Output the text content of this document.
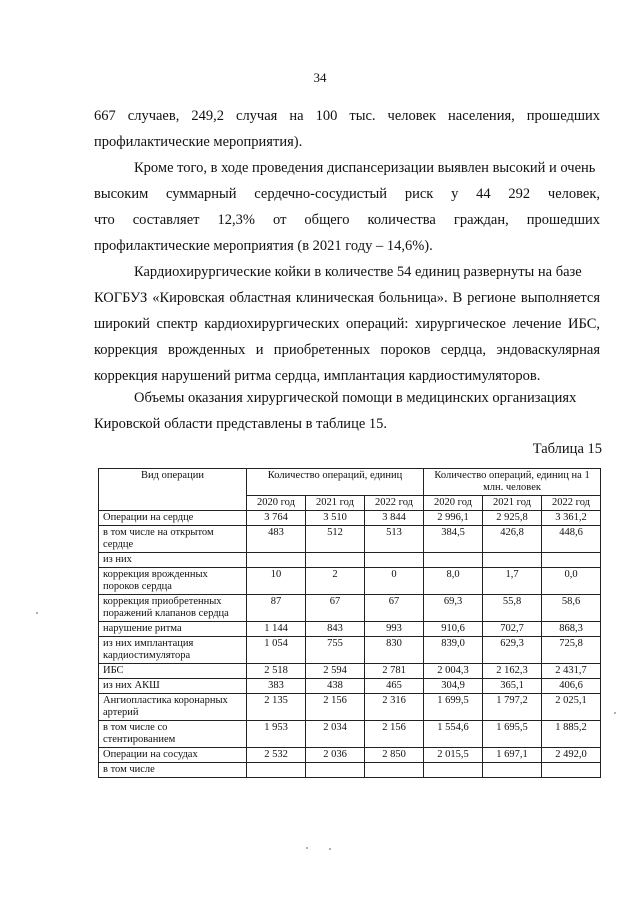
34
667 случаев, 249,2 случая на 100 тыс. человек населения, прошедших
профилактические мероприятия).
Кроме того, в ходе проведения диспансеризации выявлен высокий и очень
высоким суммарный сердечно-сосудистый риск у 44 292 человек,
что составляет 12,3% от общего количества граждан, прошедших
профилактические мероприятия (в 2021 году – 14,6%).
Кардиохирургические койки в количестве 54 единиц развернуты на базе
КОГБУЗ «Кировская областная клиническая больница». В регионе выполняется
широкий спектр кардиохирургических операций: хирургическое лечение ИБС,
коррекция врожденных и приобретенных пороков сердца, эндоваскулярная
коррекция нарушений ритма сердца, имплантация кардиостимуляторов.
Объемы оказания хирургической помощи в медицинских организациях
Кировской области представлены в таблице 15.
Таблица 15
Вид операции	Количество операций, единиц			Количество операций, единиц на 1 млн. человек		
	2020 год	2021 год	2022 год	2020 год	2021 год	2022 год
Операции на сердце	3 764	3 510	3 844	2 996,1	2 925,8	3 361,2
в том числе на открытом сердце	483	512	513	384,5	426,8	448,6
из них						
коррекция врожденных пороков сердца	10	2	0	8,0	1,7	0,0
коррекция приобретенных поражений клапанов сердца	87	67	67	69,3	55,8	58,6
нарушение ритма	1 144	843	993	910,6	702,7	868,3
из них имплантация кардиостимулятора	1 054	755	830	839,0	629,3	725,8
ИБС	2 518	2 594	2 781	2 004,3	2 162,3	2 431,7
из них АКШ	383	438	465	304,9	365,1	406,6
Ангиопластика коронарных артерий	2 135	2 156	2 316	1 699,5	1 797,2	2 025,1
в том числе со стентированием	1 953	2 034	2 156	1 554,6	1 695,5	1 885,2
Операции на сосудах	2 532	2 036	2 850	2 015,5	1 697,1	2 492,0
в том числе						
